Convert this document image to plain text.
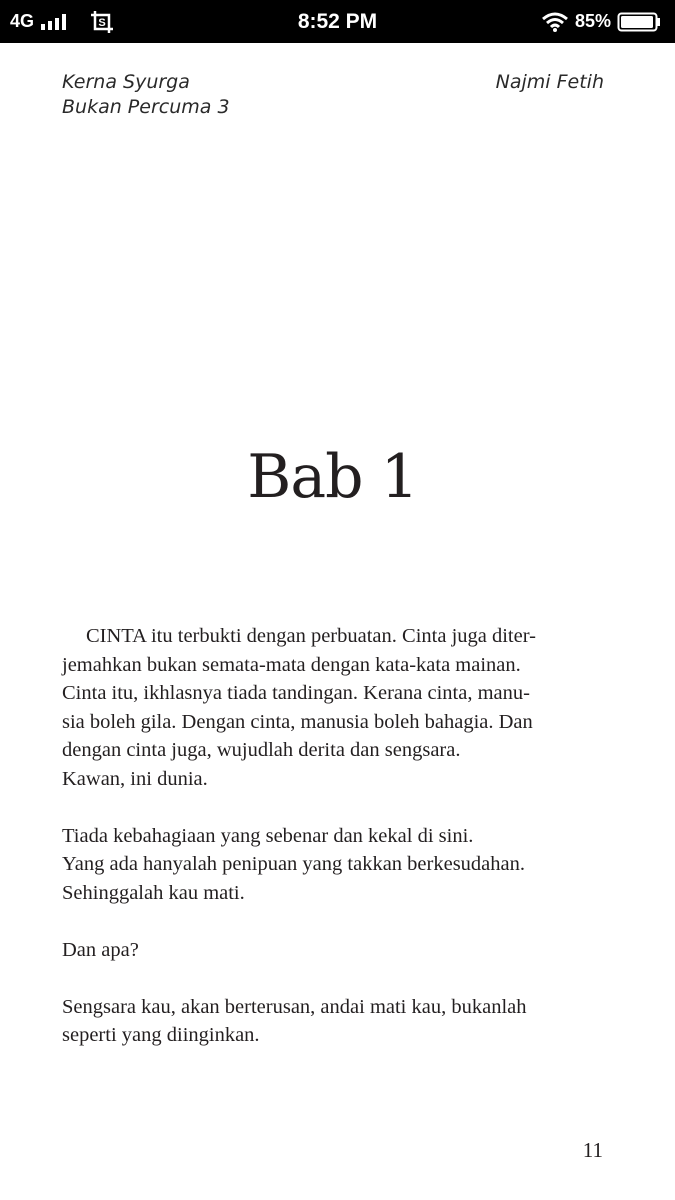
4G	S	8:52 PM	85%
Kerna Syurga
Bukan Percuma 3
Najmi Fetih
Bab 1
CINTA itu terbukti dengan perbuatan. Cinta juga diter-
jemahkan bukan semata-mata dengan kata-kata mainan.
Cinta itu, ikhlasnya tiada tandingan. Kerana cinta, manu-
sia boleh gila. Dengan cinta, manusia boleh bahagia. Dan
dengan cinta juga, wujudlah derita dan sengsara.
Kawan, ini dunia.
Tiada kebahagiaan yang sebenar dan kekal di sini.
Yang ada hanyalah penipuan yang takkan berkesudahan.
Sehinggalah kau mati.
Dan apa?
Sengsara kau, akan berterusan, andai mati kau, bukanlah
seperti yang diinginkan.
11
